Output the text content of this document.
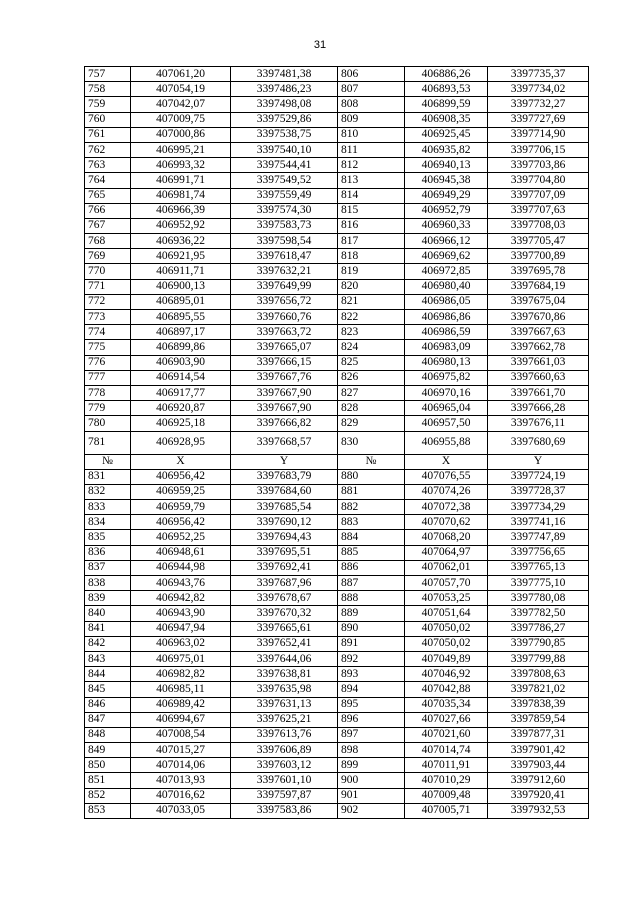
31
757	407061,20	3397481,38	806	406886,26	3397735,37
758	407054,19	3397486,23	807	406893,53	3397734,02
759	407042,07	3397498,08	808	406899,59	3397732,27
760	407009,75	3397529,86	809	406908,35	3397727,69
761	407000,86	3397538,75	810	406925,45	3397714,90
762	406995,21	3397540,10	811	406935,82	3397706,15
763	406993,32	3397544,41	812	406940,13	3397703,86
764	406991,71	3397549,52	813	406945,38	3397704,80
765	406981,74	3397559,49	814	406949,29	3397707,09
766	406966,39	3397574,30	815	406952,79	3397707,63
767	406952,92	3397583,73	816	406960,33	3397708,03
768	406936,22	3397598,54	817	406966,12	3397705,47
769	406921,95	3397618,47	818	406969,62	3397700,89
770	406911,71	3397632,21	819	406972,85	3397695,78
771	406900,13	3397649,99	820	406980,40	3397684,19
772	406895,01	3397656,72	821	406986,05	3397675,04
773	406895,55	3397660,76	822	406986,86	3397670,86
774	406897,17	3397663,72	823	406986,59	3397667,63
775	406899,86	3397665,07	824	406983,09	3397662,78
776	406903,90	3397666,15	825	406980,13	3397661,03
777	406914,54	3397667,76	826	406975,82	3397660,63
778	406917,77	3397667,90	827	406970,16	3397661,70
779	406920,87	3397667,90	828	406965,04	3397666,28
780	406925,18	3397666,82	829	406957,50	3397676,11
781	406928,95	3397668,57	830	406955,88	3397680,69
№	X	Y	№	X	Y
831	406956,42	3397683,79	880	407076,55	3397724,19
832	406959,25	3397684,60	881	407074,26	3397728,37
833	406959,79	3397685,54	882	407072,38	3397734,29
834	406956,42	3397690,12	883	407070,62	3397741,16
835	406952,25	3397694,43	884	407068,20	3397747,89
836	406948,61	3397695,51	885	407064,97	3397756,65
837	406944,98	3397692,41	886	407062,01	3397765,13
838	406943,76	3397687,96	887	407057,70	3397775,10
839	406942,82	3397678,67	888	407053,25	3397780,08
840	406943,90	3397670,32	889	407051,64	3397782,50
841	406947,94	3397665,61	890	407050,02	3397786,27
842	406963,02	3397652,41	891	407050,02	3397790,85
843	406975,01	3397644,06	892	407049,89	3397799,88
844	406982,82	3397638,81	893	407046,92	3397808,63
845	406985,11	3397635,98	894	407042,88	3397821,02
846	406989,42	3397631,13	895	407035,34	3397838,39
847	406994,67	3397625,21	896	407027,66	3397859,54
848	407008,54	3397613,76	897	407021,60	3397877,31
849	407015,27	3397606,89	898	407014,74	3397901,42
850	407014,06	3397603,12	899	407011,91	3397903,44
851	407013,93	3397601,10	900	407010,29	3397912,60
852	407016,62	3397597,87	901	407009,48	3397920,41
853	407033,05	3397583,86	902	407005,71	3397932,53
